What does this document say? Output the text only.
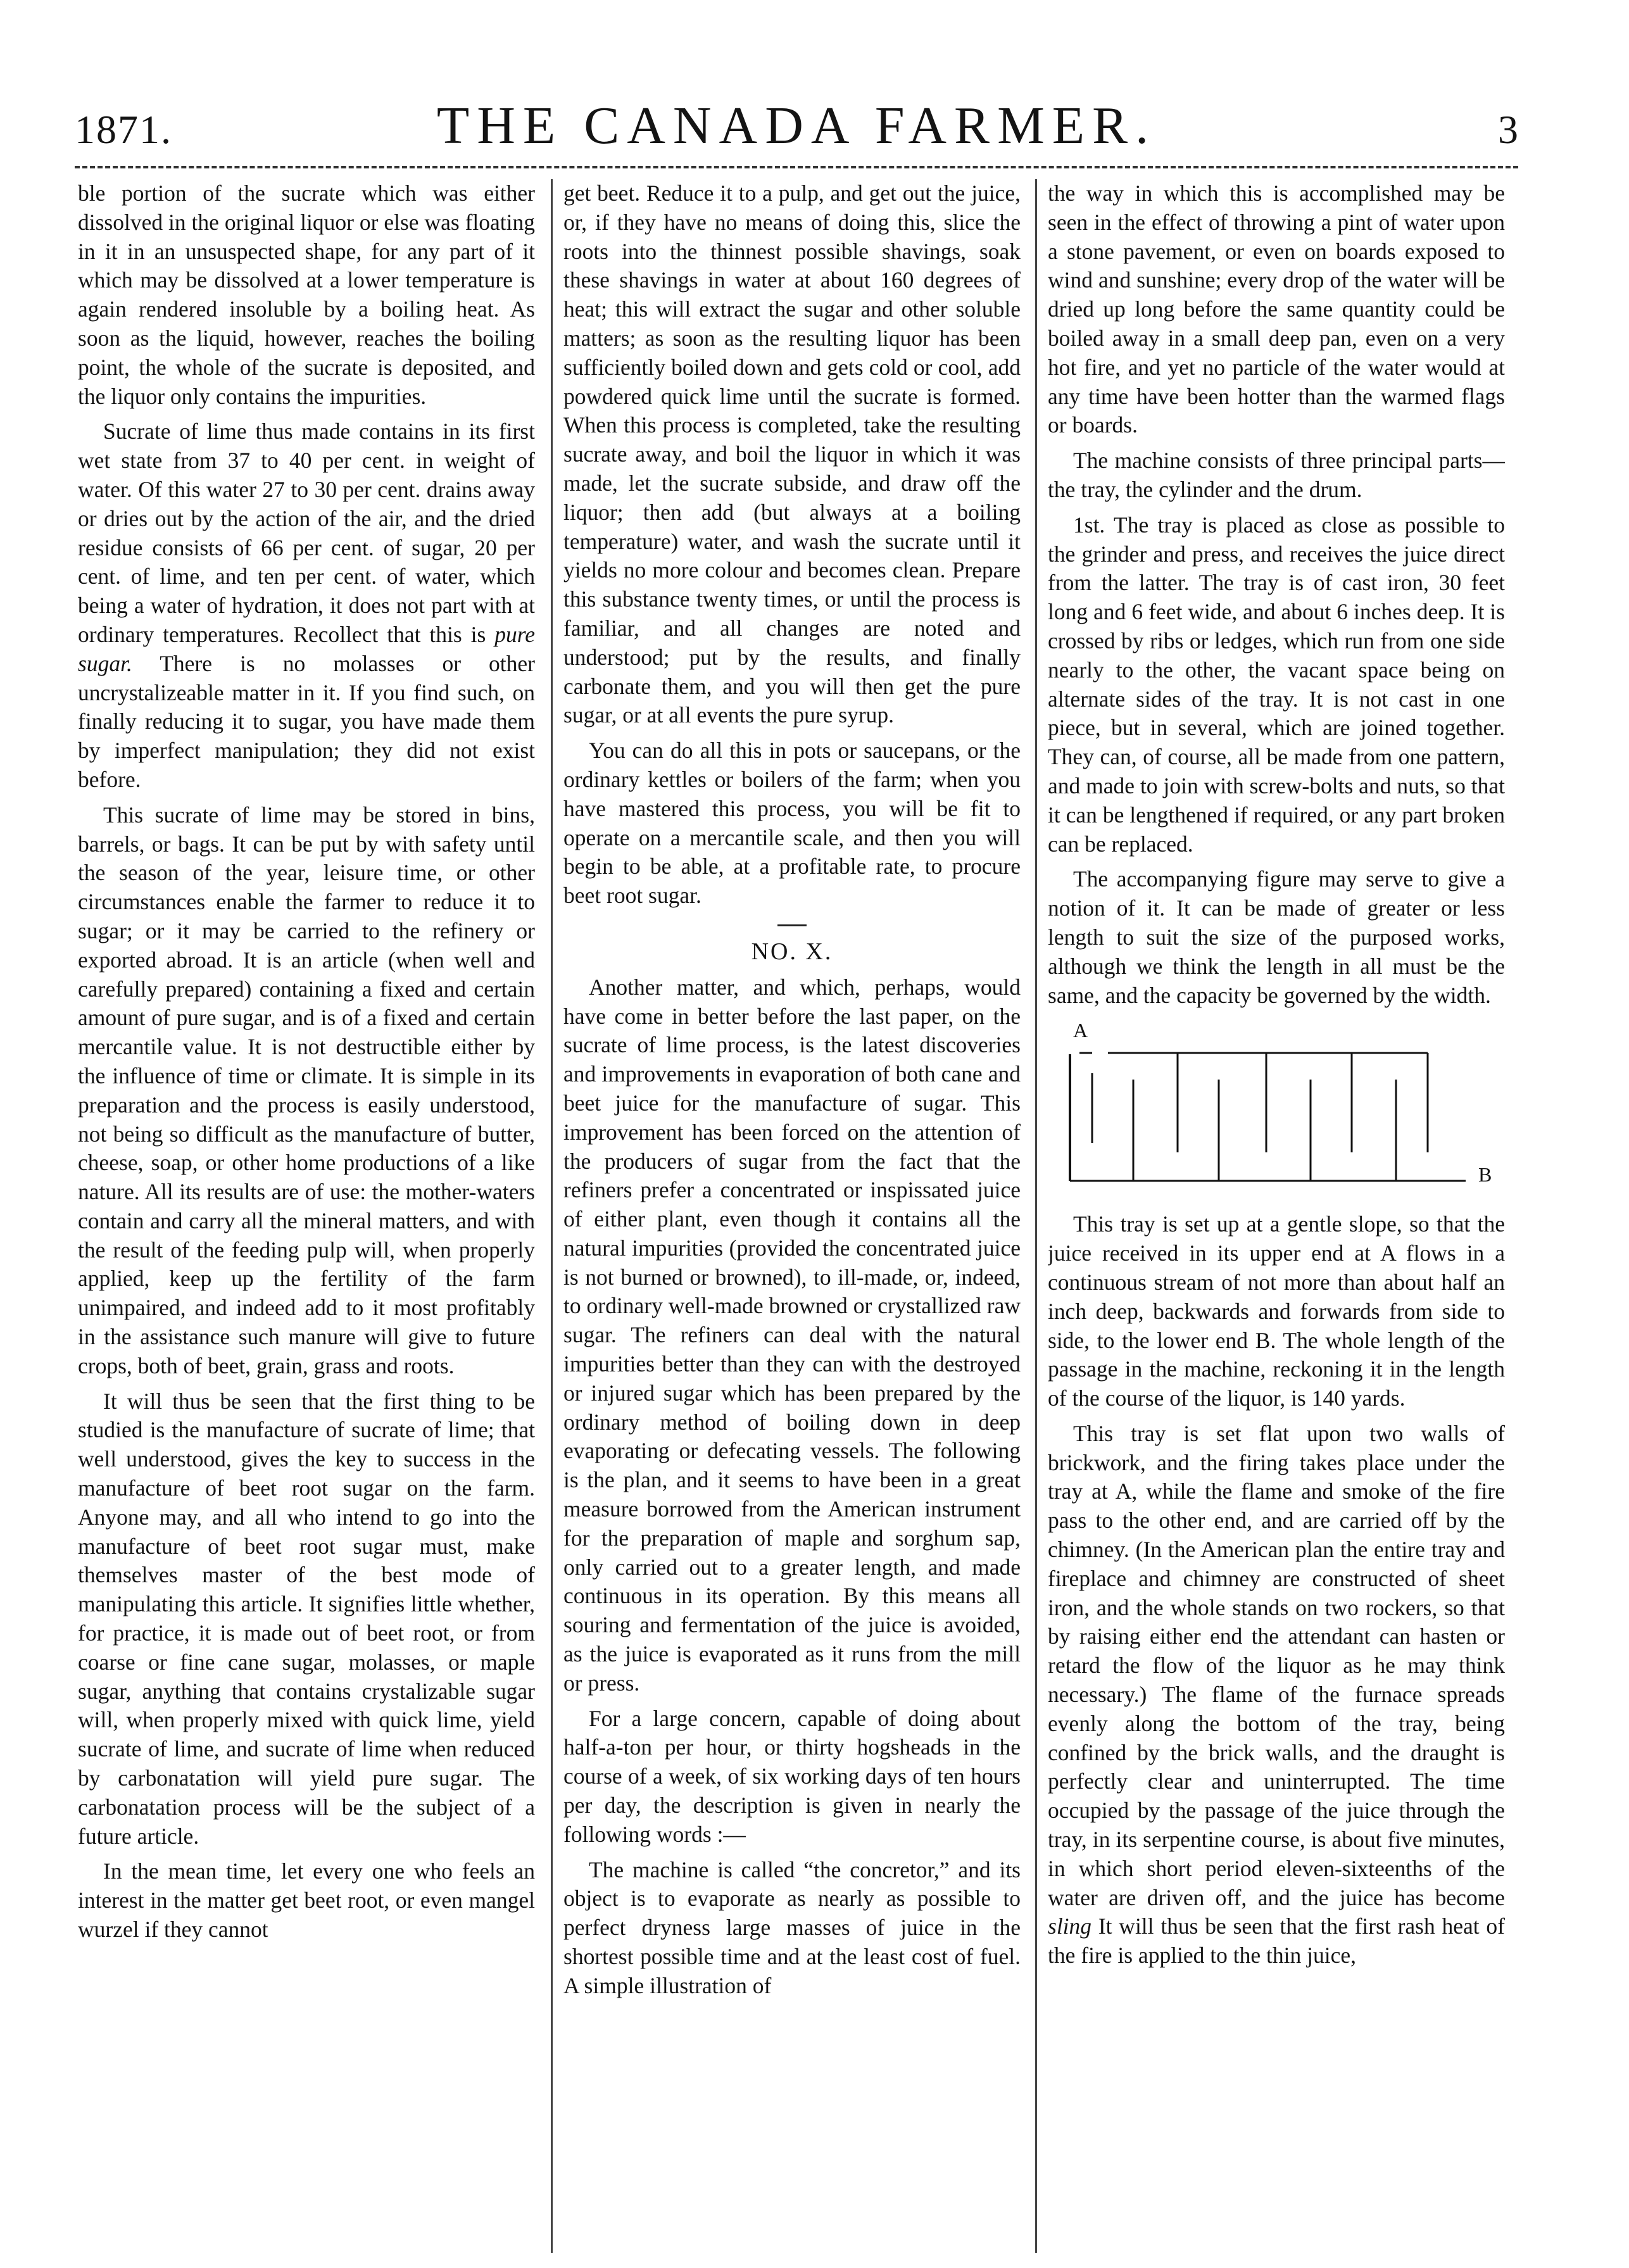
1871.	THE CANADA FARMER.	3

ble portion of the sucrate which was either dissolved in the original liquor or else was floating in it in an unsuspected shape, for any part of it which may be dissolved at a lower temperature is again rendered insoluble by a boiling heat. As soon as the liquid, however, reaches the boiling point, the whole of the sucrate is deposited, and the liquor only contains the impurities.

Sucrate of lime thus made contains in its first wet state from 37 to 40 per cent. in weight of water. Of this water 27 to 30 per cent. drains away or dries out by the action of the air, and the dried residue consists of 66 per cent. of sugar, 20 per cent. of lime, and ten per cent. of water, which being a water of hydration, it does not part with at ordinary temperatures. Recollect that this is pure sugar. There is no molasses or other uncrystalizeable matter in it. If you find such, on finally reducing it to sugar, you have made them by imperfect manipulation; they did not exist before.

This sucrate of lime may be stored in bins, barrels, or bags. It can be put by with safety until the season of the year, leisure time, or other circumstances enable the farmer to reduce it to sugar; or it may be carried to the refinery or exported abroad. It is an article (when well and carefully prepared) containing a fixed and certain amount of pure sugar, and is of a fixed and certain mercantile value. It is not destructible either by the influence of time or climate. It is simple in its preparation and the process is easily understood, not being so difficult as the manufacture of butter, cheese, soap, or other home productions of a like nature. All its results are of use: the mother-waters contain and carry all the mineral matters, and with the result of the feeding pulp will, when properly applied, keep up the fertility of the farm unimpaired, and indeed add to it most profitably in the assistance such manure will give to future crops, both of beet, grain, grass and roots.

It will thus be seen that the first thing to be studied is the manufacture of sucrate of lime; that well understood, gives the key to success in the manufacture of beet root sugar on the farm. Anyone may, and all who intend to go into the manufacture of beet root sugar must, make themselves master of the best mode of manipulating this article. It signifies little whether, for practice, it is made out of beet root, or from coarse or fine cane sugar, molasses, or maple sugar, anything that contains crystalizable sugar will, when properly mixed with quick lime, yield sucrate of lime, and sucrate of lime when reduced by carbonatation will yield pure sugar. The carbonatation process will be the subject of a future article.

In the mean time, let every one who feels an interest in the matter get beet root, or even mangel wurzel if they cannot

get beet. Reduce it to a pulp, and get out the juice, or, if they have no means of doing this, slice the roots into the thinnest possible shavings, soak these shavings in water at about 160 degrees of heat; this will extract the sugar and other soluble matters; as soon as the resulting liquor has been sufficiently boiled down and gets cold or cool, add powdered quick lime until the sucrate is formed. When this process is completed, take the resulting sucrate away, and boil the liquor in which it was made, let the sucrate subside, and draw off the liquor; then add (but always at a boiling temperature) water, and wash the sucrate until it yields no more colour and becomes clean. Prepare this substance twenty times, or until the process is familiar, and all changes are noted and understood; put by the results, and finally carbonate them, and you will then get the pure sugar, or at all events the pure syrup.

You can do all this in pots or saucepans, or the ordinary kettles or boilers of the farm; when you have mastered this process, you will be fit to operate on a mercantile scale, and then you will begin to be able, at a profitable rate, to procure beet root sugar.

NO. X.

Another matter, and which, perhaps, would have come in better before the last paper, on the sucrate of lime process, is the latest discoveries and improvements in evaporation of both cane and beet juice for the manufacture of sugar. This improvement has been forced on the attention of the producers of sugar from the fact that the refiners prefer a concentrated or inspissated juice of either plant, even though it contains all the natural impurities (provided the concentrated juice is not burned or browned), to ill-made, or, indeed, to ordinary well-made browned or crystallized raw sugar. The refiners can deal with the natural impurities better than they can with the destroyed or injured sugar which has been prepared by the ordinary method of boiling down in deep evaporating or defecating vessels. The following is the plan, and it seems to have been in a great measure borrowed from the American instrument for the preparation of maple and sorghum sap, only carried out to a greater length, and made continuous in its operation. By this means all souring and fermentation of the juice is avoided, as the juice is evaporated as it runs from the mill or press.

For a large concern, capable of doing about half-a-ton per hour, or thirty hogsheads in the course of a week, of six working days of ten hours per day, the description is given in nearly the following words :—

The machine is called “the concretor,” and its object is to evaporate as nearly as possible to perfect dryness large masses of juice in the shortest possible time and at the least cost of fuel. A simple illustration of

the way in which this is accomplished may be seen in the effect of throwing a pint of water upon a stone pavement, or even on boards exposed to wind and sunshine; every drop of the water will be dried up long before the same quantity could be boiled away in a small deep pan, even on a very hot fire, and yet no particle of the water would at any time have been hotter than the warmed flags or boards.

The machine consists of three principal parts—the tray, the cylinder and the drum.

1st. The tray is placed as close as possible to the grinder and press, and receives the juice direct from the latter. The tray is of cast iron, 30 feet long and 6 feet wide, and about 6 inches deep. It is crossed by ribs or ledges, which run from one side nearly to the other, the vacant space being on alternate sides of the tray. It is not cast in one piece, but in several, which are joined together. They can, of course, all be made from one pattern, and made to join with screw-bolts and nuts, so that it can be lengthened if required, or any part broken can be replaced.

The accompanying figure may serve to give a notion of it. It can be made of greater or less length to suit the size of the purposed works, although we think the length in all must be the same, and the capacity be governed by the width.

A
B

This tray is set up at a gentle slope, so that the juice received in its upper end at A flows in a continuous stream of not more than about half an inch deep, backwards and forwards from side to side, to the lower end B. The whole length of the passage in the machine, reckoning it in the length of the course of the liquor, is 140 yards.

This tray is set flat upon two walls of brickwork, and the firing takes place under the tray at A, while the flame and smoke of the fire pass to the other end, and are carried off by the chimney. (In the American plan the entire tray and fireplace and chimney are constructed of sheet iron, and the whole stands on two rockers, so that by raising either end the attendant can hasten or retard the flow of the liquor as he may think necessary.) The flame of the furnace spreads evenly along the bottom of the tray, being confined by the brick walls, and the draught is perfectly clear and uninterrupted. The time occupied by the passage of the juice through the tray, in its serpentine course, is about five minutes, in which short period eleven-sixteenths of the water are driven off, and the juice has become sling It will thus be seen that the first rash heat of the fire is applied to the thin juice,
